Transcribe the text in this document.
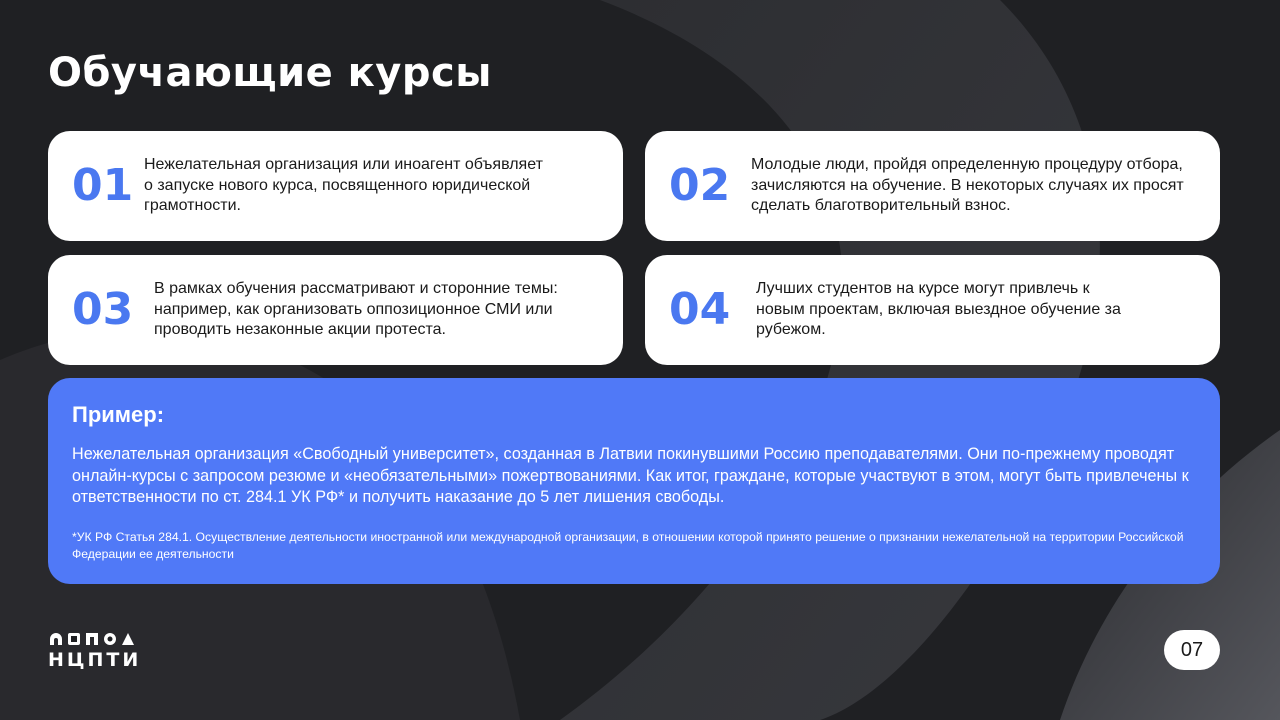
Обучающие курсы
01 Нежелательная организация или иноагент объявляет о запуске нового курса, посвященного юридической грамотности.	02	Молодые люди, пройдя определенную процедуру отбора, зачисляются на обучение. В некоторых случаях их просят сделать благотворительный взнос.
03	В рамках обучения рассматривают и сторонние темы: например, как организовать оппозиционное СМИ или проводить незаконные акции протеста.	04	Лучших студентов на курсе могут привлечь к новым проектам, включая выездное обучение за рубежом.
Пример:
Нежелательная организация «Свободный университет», созданная в Латвии покинувшими Россию преподавателями. Они по-прежнему проводят онлайн-курсы с запросом резюме и «необязательными» пожертвованиями. Как итог, граждане, которые участвуют в этом, могут быть привлечены к ответственности по ст. 284.1 УК РФ* и получить наказание до 5 лет лишения свободы.
*УК РФ Статья 284.1. Осуществление деятельности иностранной или международной организации, в отношении которой принято решение о признании нежелательной на территории Российской Федерации ее деятельности
НЦПТИ	07
